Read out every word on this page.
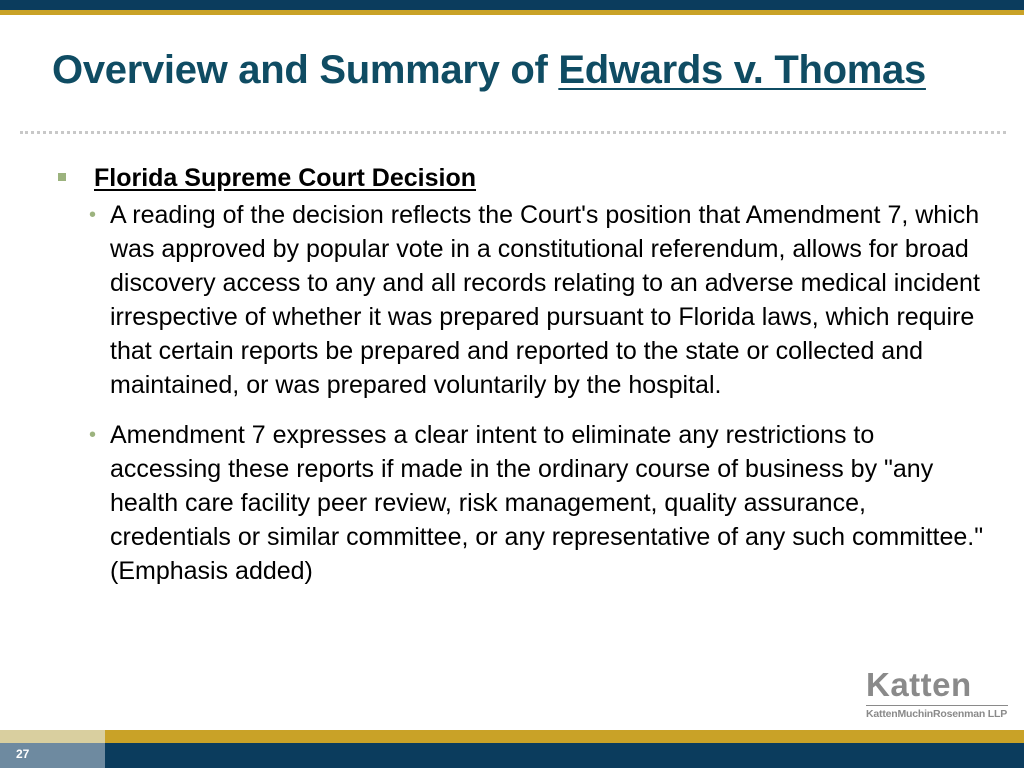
Overview and Summary of Edwards v. Thomas
Florida Supreme Court Decision
• A reading of the decision reflects the Court's position that Amendment 7, which was approved by popular vote in a constitutional referendum, allows for broad discovery access to any and all records relating to an adverse medical incident irrespective of whether it was prepared pursuant to Florida laws, which require that certain reports be prepared and reported to the state or collected and maintained, or was prepared voluntarily by the hospital.
• Amendment 7 expresses a clear intent to eliminate any restrictions to accessing these reports if made in the ordinary course of business by "any health care facility peer review, risk management, quality assurance, credentials or similar committee, or any representative of any such committee." (Emphasis added)
Katten
KattenMuchinRosenman LLP
27
